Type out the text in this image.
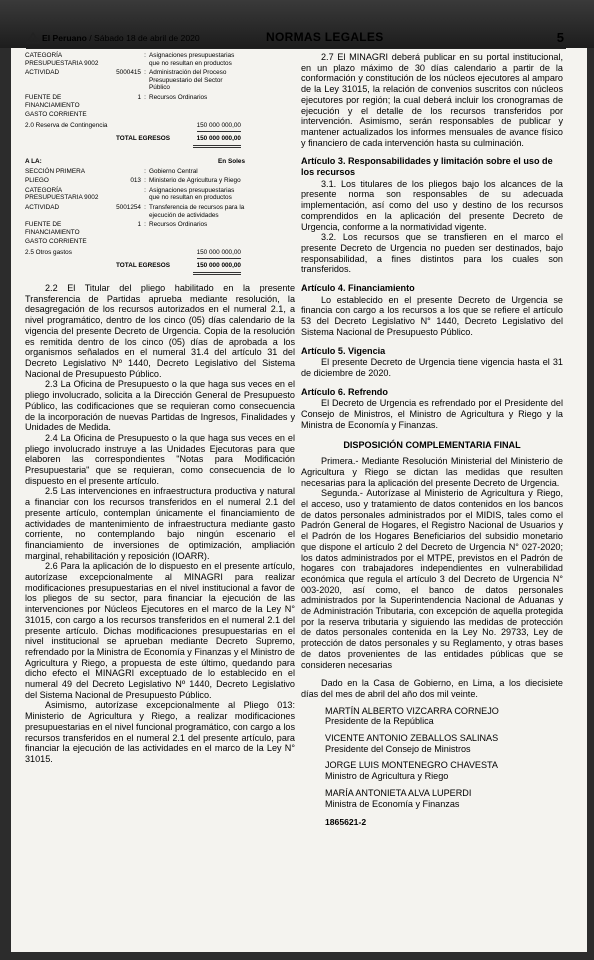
El Peruano / Sábado 18 de abril de 2020	NORMAS LEGALES	5
CATEGORÍA PRESUPUESTARIA 9002
: Asignaciones presupuestarias que no resultan en productos
ACTIVIDAD	5000415 : Administración del Proceso Presupuestario del Sector Público
FUENTE DE FINANCIAMIENTO
1 : Recursos Ordinarios
GASTO CORRIENTE
2.0 Reserva de Contingencia	150 000 000,00
TOTAL EGRESOS	150 000 000,00
A LA:	En Soles
SECCIÓN PRIMERA	: Gobierno Central
PLIEGO	013 : Ministerio de Agricultura y Riego
CATEGORÍA PRESUPUESTARIA 9002
: Asignaciones presupuestarias que no resultan en productos
ACTIVIDAD	5001254 : Transferencia de recursos para la ejecución de actividades
FUENTE DE FINANCIAMIENTO
1 : Recursos Ordinarios
GASTO CORRIENTE
2.5 Otros gastos	150 000 000,00
TOTAL EGRESOS	150 000 000,00

2.2 El Titular del pliego habilitado en la presente Transferencia de Partidas aprueba mediante resolución, la desagregación de los recursos autorizados en el numeral 2.1, a nivel programático, dentro de los cinco (05) días calendario de la vigencia del presente Decreto de Urgencia. Copia de la resolución es remitida dentro de los cinco (05) días de aprobada a los organismos señalados en el numeral 31.4 del artículo 31 del Decreto Legislativo Nº 1440, Decreto Legislativo del Sistema Nacional de Presupuesto Público.

2.3 La Oficina de Presupuesto o la que haga sus veces en el pliego involucrado, solicita a la Dirección General de Presupuesto Público, las codificaciones que se requieran como consecuencia de la incorporación de nuevas Partidas de Ingresos, Finalidades y Unidades de Medida.

2.4 La Oficina de Presupuesto o la que haga sus veces en el pliego involucrado instruye a las Unidades Ejecutoras para que elaboren las correspondientes "Notas para Modificación Presupuestaria" que se requieran, como consecuencia de lo dispuesto en el presente artículo.

2.5 Las intervenciones en infraestructura productiva y natural a financiar con los recursos transferidos en el numeral 2.1 del presente artículo, contemplan únicamente el financiamiento de actividades de mantenimiento de infraestructura mediante gasto corriente, no contemplando bajo ningún escenario el financiamiento de inversiones de optimización, ampliación marginal, rehabilitación y reposición (IOARR).

2.6 Para la aplicación de lo dispuesto en el presente artículo, autorízase excepcionalmente al MINAGRI para realizar modificaciones presupuestarias en el nivel institucional a favor de los pliegos de su sector, para financiar la ejecución de las intervenciones por Núcleos Ejecutores en el marco de la Ley N° 31015, con cargo a los recursos transferidos en el numeral 2.1 del presente artículo. Dichas modificaciones presupuestarias en el nivel institucional se aprueban mediante Decreto Supremo, refrendado por la Ministra de Economía y Finanzas y el Ministro de Agricultura y Riego, a propuesta de este último, quedando para dicho efecto el MINAGRI exceptuado de lo establecido en el numeral 49 del Decreto Legislativo Nº 1440, Decreto Legislativo del Sistema Nacional de Presupuesto Público.

Asimismo, autorízase excepcionalmente al Pliego 013: Ministerio de Agricultura y Riego, a realizar modificaciones presupuestarias en el nivel funcional programático, con cargo a los recursos transferidos en el numeral 2.1 del presente artículo, para financiar la ejecución de las actividades en el marco de la Ley N° 31015.

2.7 El MINAGRI deberá publicar en su portal institucional, en un plazo máximo de 30 días calendario a partir de la conformación y constitución de los núcleos ejecutores al amparo de la Ley 31015, la relación de convenios suscritos con núcleos ejecutores por región; la cual deberá incluir los cronogramas de ejecución y el detalle de los recursos transferidos por intervención. Asimismo, serán responsables de publicar y mantener actualizados los informes mensuales de avance físico y financiero de cada intervención hasta su culminación.

Artículo 3. Responsabilidades y limitación sobre el uso de los recursos

3.1. Los titulares de los pliegos bajo los alcances de la presente norma son responsables de su adecuada implementación, así como del uso y destino de los recursos comprendidos en la aplicación del presente Decreto de Urgencia, conforme a la normatividad vigente.

3.2. Los recursos que se transfieren en el marco el presente Decreto de Urgencia no pueden ser destinados, bajo responsabilidad, a fines distintos para los cuales son transferidos.

Artículo 4. Financiamiento

Lo establecido en el presente Decreto de Urgencia se financia con cargo a los recursos a los que se refiere el artículo 53 del Decreto Legislativo N° 1440, Decreto Legislativo del Sistema Nacional de Presupuesto Público.

Artículo 5. Vigencia

El presente Decreto de Urgencia tiene vigencia hasta el 31 de diciembre de 2020.

Artículo 6. Refrendo

El Decreto de Urgencia es refrendado por el Presidente del Consejo de Ministros, el Ministro de Agricultura y Riego y la Ministra de Economía y Finanzas.

DISPOSICIÓN COMPLEMENTARIA FINAL

Primera.- Mediante Resolución Ministerial del Ministerio de Agricultura y Riego se dictan las medidas que resulten necesarias para la aplicación del presente Decreto de Urgencia.

Segunda.- Autorízase al Ministerio de Agricultura y Riego, el acceso, uso y tratamiento de datos contenidos en los bancos de datos personales administrados por el MIDIS, tales como el Padrón General de Hogares, el Registro Nacional de Usuarios y el Padrón de los Hogares Beneficiarios del subsidio monetario que dispone el artículo 2 del Decreto de Urgencia N° 027-2020; los datos administrados por el MTPE, previstos en el Padrón de hogares con trabajadores independientes en vulnerabilidad económica que regula el artículo 3 del Decreto de Urgencia N° 003-2020, así como, el banco de datos personales administrados por la Superintendencia Nacional de Aduanas y de Administración Tributaria, con excepción de aquella protegida por la reserva tributaria y siguiendo las medidas de protección de datos personales contenida en la Ley No. 29733, Ley de protección de datos personales y su Reglamento, y otras bases de datos provenientes de las entidades públicas que se consideren necesarias

Dado en la Casa de Gobierno, en Lima, a los diecisiete días del mes de abril del año dos mil veinte.

MARTÍN ALBERTO VIZCARRA CORNEJO
Presidente de la República
VICENTE ANTONIO ZEBALLOS SALINAS
Presidente del Consejo de Ministros
JORGE LUIS MONTENEGRO CHAVESTA
Ministro de Agricultura y Riego
MARÍA ANTONIETA ALVA LUPERDI
Ministra de Economía y Finanzas
1865621-2
